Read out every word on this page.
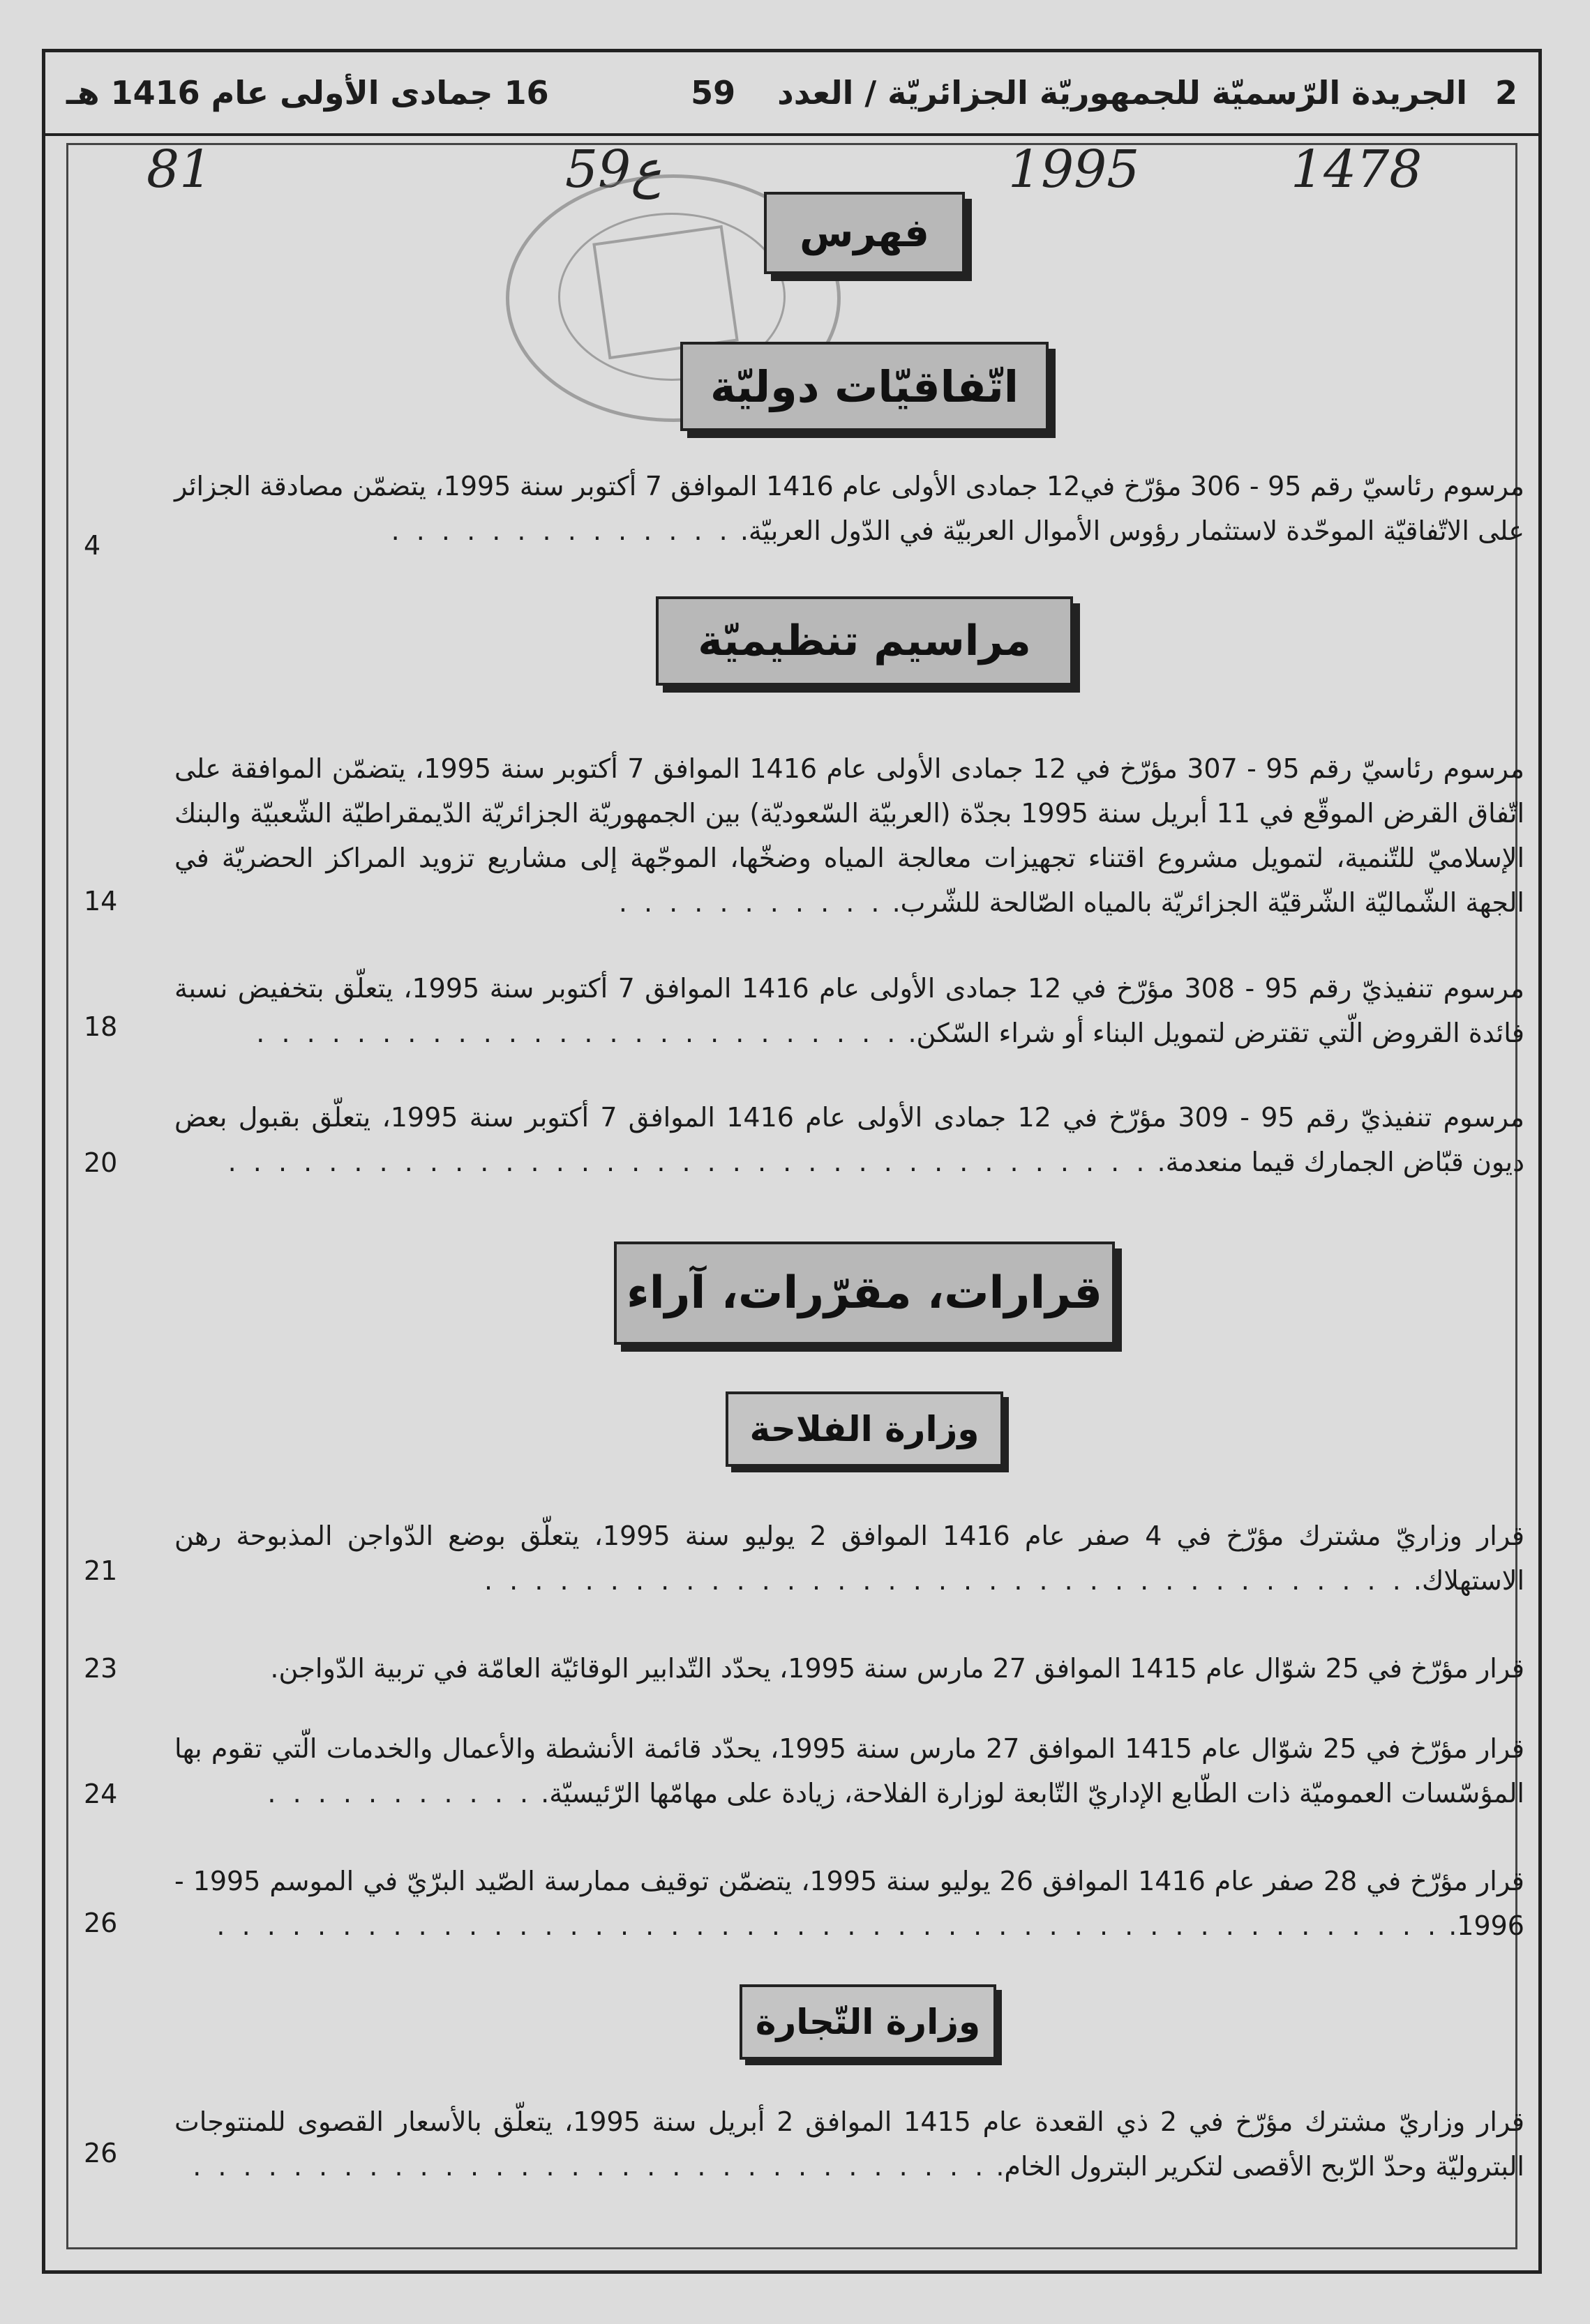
2
الجريدة الرّسميّة للجمهوريّة الجزائريّة / العدد
59
16 جمادى الأولى عام 1416 هـ
1478
1995
59ع
81
فهرس
اتّفاقيّات دوليّة
مراسيم تنظيميّة
قرارات، مقرّرات، آراء
وزارة الفلاحة
وزارة التّجارة
مرسوم رئاسيّ رقم 95 - 306 مؤرّخ في12 جمادى الأولى عام 1416 الموافق 7 أكتوبر سنة 1995، يتضمّن مصادقة الجزائر على الاتّفاقيّة الموحّدة لاستثمار رؤوس الأموال العربيّة في الدّول العربيّة. . . . . . . . . . . . . . .
4
مرسوم رئاسيّ رقم 95 - 307 مؤرّخ في 12 جمادى الأولى عام 1416 الموافق 7 أكتوبر سنة 1995، يتضمّن الموافقة على اتّفاق القرض الموقّع في 11 أبريل سنة 1995 بجدّة (العربيّة السّعوديّة) بين الجمهوريّة الجزائريّة الدّيمقراطيّة الشّعبيّة والبنك الإسلاميّ للتّنمية، لتمويل مشروع اقتناء تجهيزات معالجة المياه وضخّها، الموجّهة إلى مشاريع تزويد المراكز الحضريّة في الجهة الشّماليّة الشّرقيّة الجزائريّة بالمياه الصّالحة للشّرب. . . . . . . . . . . .
14
مرسوم تنفيذيّ رقم 95 - 308 مؤرّخ في 12 جمادى الأولى عام 1416 الموافق 7 أكتوبر سنة 1995، يتعلّق بتخفيض نسبة فائدة القروض الّتي تقترض لتمويل البناء أو شراء السّكن. . . . . . . . . . . . . . . . . . . . . . . . . . .
18
مرسوم تنفيذيّ رقم 95 - 309 مؤرّخ في 12 جمادى الأولى عام 1416 الموافق 7 أكتوبر سنة 1995، يتعلّق بقبول بعض ديون قبّاض الجمارك قيما منعدمة. . . . . . . . . . . . . . . . . . . . . . . . . . . . . . . . . . . . . .
20
قرار وزاريّ مشترك مؤرّخ في 4 صفر عام 1416 الموافق 2 يوليو سنة 1995، يتعلّق بوضع الدّواجن المذبوحة رهن الاستهلاك. . . . . . . . . . . . . . . . . . . . . . . . . . . . . . . . . . . . . .
21
قرار مؤرّخ في 25 شوّال عام 1415 الموافق 27 مارس سنة 1995، يحدّد التّدابير الوقائيّة العامّة في تربية الدّواجن.
23
قرار مؤرّخ في 25 شوّال عام 1415 الموافق 27 مارس سنة 1995، يحدّد قائمة الأنشطة والأعمال والخدمات الّتي تقوم بها المؤسّسات العموميّة ذات الطّابع الإداريّ التّابعة لوزارة الفلاحة، زيادة على مهامّها الرّئيسيّة. . . . . . . . . . . .
24
قرار مؤرّخ في 28 صفر عام 1416 الموافق 26 يوليو سنة 1995، يتضمّن توقيف ممارسة الصّيد البرّيّ في الموسم 1995 - 1996. . . . . . . . . . . . . . . . . . . . . . . . . . . . . . . . . . . . . . . . . . . . . . . . . .
26
قرار وزاريّ مشترك مؤرّخ في 2 ذي القعدة عام 1415 الموافق 2 أبريل سنة 1995، يتعلّق بالأسعار القصوى للمنتوجات البتروليّة وحدّ الرّبح الأقصى لتكرير البترول الخام. . . . . . . . . . . . . . . . . . . . . . . . . . . . . . . . .
26
